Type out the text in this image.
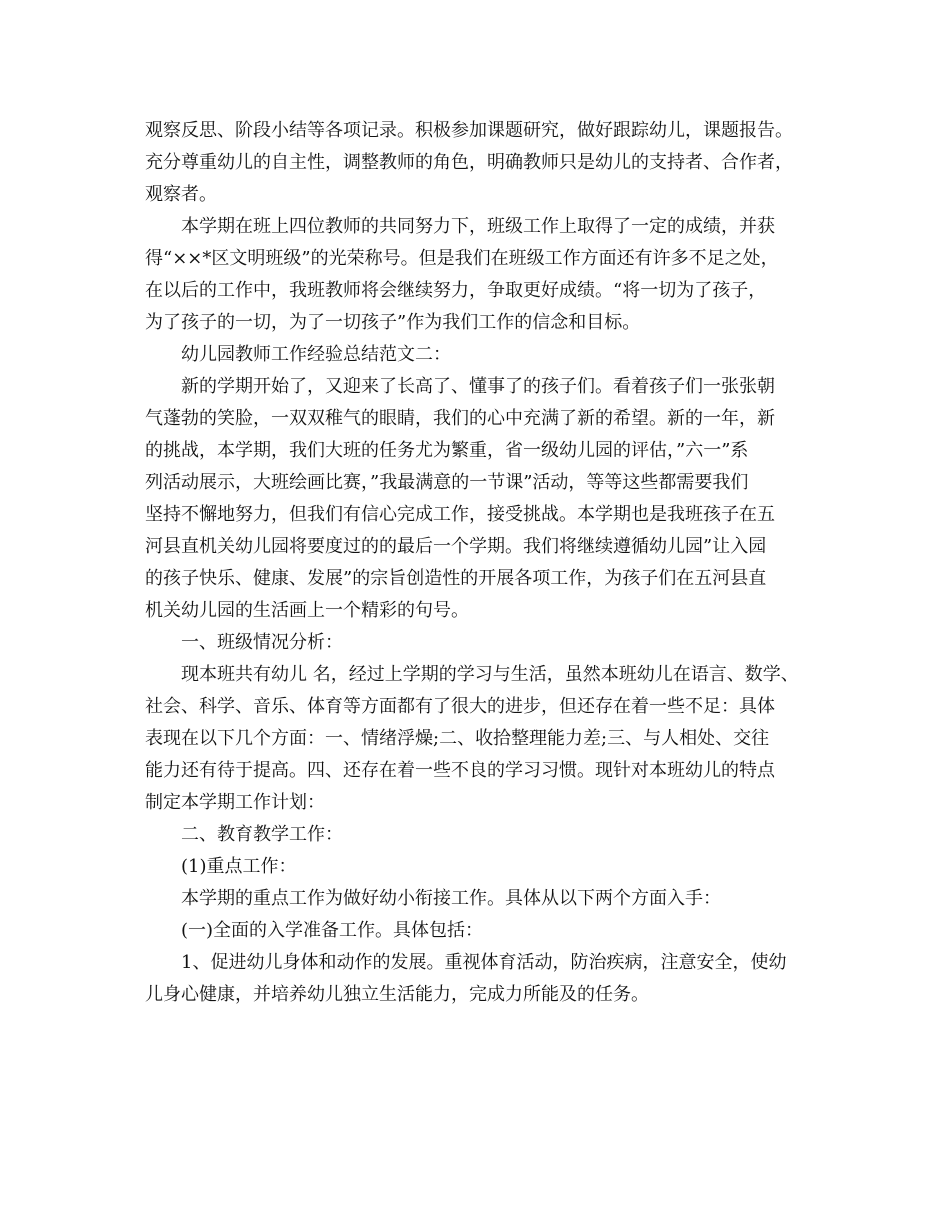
观察反思、阶段小结等各项记录。积极参加课题研究，做好跟踪幼儿，课题报告。
充分尊重幼儿的自主性，调整教师的角色，明确教师只是幼儿的支持者、合作者，
观察者。
本学期在班上四位教师的共同努力下，班级工作上取得了一定的成绩，并获
得“××*区文明班级”的光荣称号。但是我们在班级工作方面还有许多不足之处，
在以后的工作中，我班教师将会继续努力，争取更好成绩。“将一切为了孩子，
为了孩子的一切，为了一切孩子”作为我们工作的信念和目标。
幼儿园教师工作经验总结范文二：
新的学期开始了，又迎来了长高了、懂事了的孩子们。看着孩子们一张张朝
气蓬勃的笑脸，一双双稚气的眼睛，我们的心中充满了新的希望。新的一年，新
的挑战，本学期，我们大班的任务尤为繁重，省一级幼儿园的评估，”六一”系
列活动展示，大班绘画比赛，”我最满意的一节课”活动，等等这些都需要我们
坚持不懈地努力，但我们有信心完成工作，接受挑战。本学期也是我班孩子在五
河县直机关幼儿园将要度过的的最后一个学期。我们将继续遵循幼儿园”让入园
的孩子快乐、健康、发展”的宗旨创造性的开展各项工作，为孩子们在五河县直
机关幼儿园的生活画上一个精彩的句号。
一、班级情况分析：
现本班共有幼儿 名，经过上学期的学习与生活，虽然本班幼儿在语言、数学、
社会、科学、音乐、体育等方面都有了很大的进步，但还存在着一些不足：具体
表现在以下几个方面：一、情绪浮燥;二、收拾整理能力差;三、与人相处、交往
能力还有待于提高。四、还存在着一些不良的学习习惯。现针对本班幼儿的特点
制定本学期工作计划：
二、教育教学工作：
(1)重点工作：
本学期的重点工作为做好幼小衔接工作。具体从以下两个方面入手：
(一)全面的入学准备工作。具体包括：
1、促进幼儿身体和动作的发展。重视体育活动，防治疾病，注意安全，使幼
儿身心健康，并培养幼儿独立生活能力，完成力所能及的任务。
